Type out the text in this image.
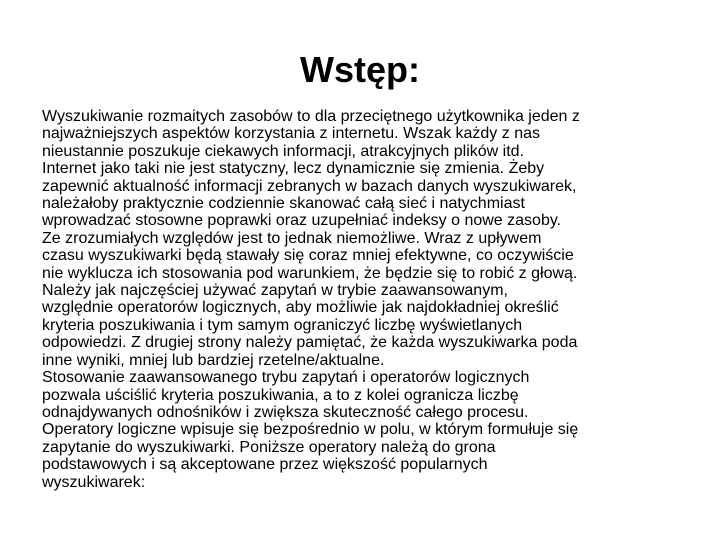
Wstęp:

Wyszukiwanie rozmaitych zasobów to dla przeciętnego użytkownika jeden z
najważniejszych aspektów korzystania z internetu. Wszak każdy z nas
nieustannie poszukuje ciekawych informacji, atrakcyjnych plików itd.
Internet jako taki nie jest statyczny, lecz dynamicznie się zmienia. Żeby
zapewnić aktualność informacji zebranych w bazach danych wyszukiwarek,
należałoby praktycznie codziennie skanować całą sieć i natychmiast
wprowadzać stosowne poprawki oraz uzupełniać indeksy o nowe zasoby.
Ze zrozumiałych względów jest to jednak niemożliwe. Wraz z upływem
czasu wyszukiwarki będą stawały się coraz mniej efektywne, co oczywiście
nie wyklucza ich stosowania pod warunkiem, że będzie się to robić z głową.
Należy jak najczęściej używać zapytań w trybie zaawansowanym,
względnie operatorów logicznych, aby możliwie jak najdokładniej określić
kryteria poszukiwania i tym samym ograniczyć liczbę wyświetlanych
odpowiedzi. Z drugiej strony należy pamiętać, że każda wyszukiwarka poda
inne wyniki, mniej lub bardziej rzetelne/aktualne.
Stosowanie zaawansowanego trybu zapytań i operatorów logicznych
pozwala uściślić kryteria poszukiwania, a to z kolei ogranicza liczbę
odnajdywanych odnośników i zwiększa skuteczność całego procesu.
Operatory logiczne wpisuje się bezpośrednio w polu, w którym formułuje się
zapytanie do wyszukiwarki. Poniższe operatory należą do grona
podstawowych i są akceptowane przez większość popularnych
wyszukiwarek:
